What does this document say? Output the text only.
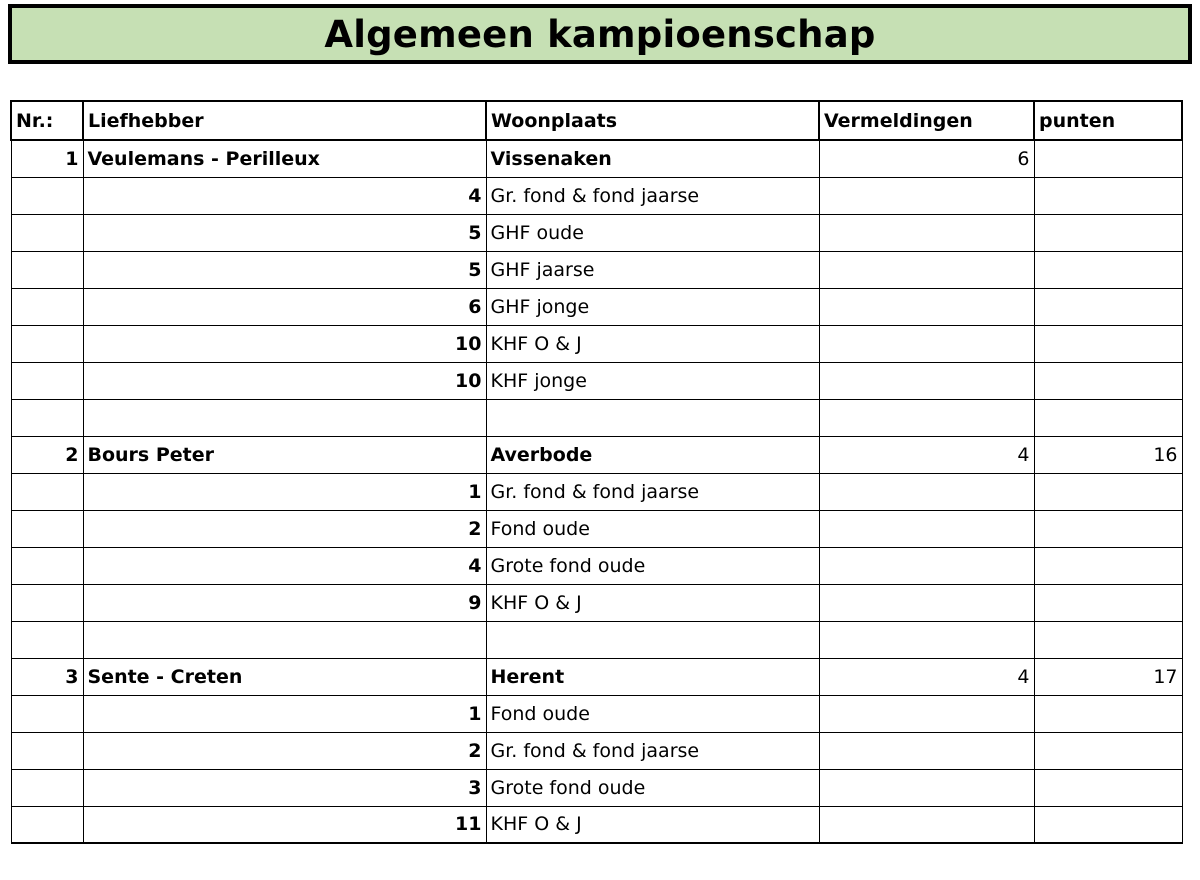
Algemeen kampioenschap
Nr.:	Liefhebber	Woonplaats	Vermeldingen	punten
1	Veulemans - Perilleux	Vissenaken	6	
	4	Gr. fond & fond jaarse		
	5	GHF oude		
	5	GHF jaarse		
	6	GHF jonge		
	10	KHF O & J		
	10	KHF jonge		

2	Bours Peter	Averbode	4	16
	1	Gr. fond & fond jaarse		
	2	Fond oude		
	4	Grote fond oude		
	9	KHF O & J		

3	Sente - Creten	Herent	4	17
	1	Fond oude		
	2	Gr. fond & fond jaarse		
	3	Grote fond oude		
	11	KHF O & J		
